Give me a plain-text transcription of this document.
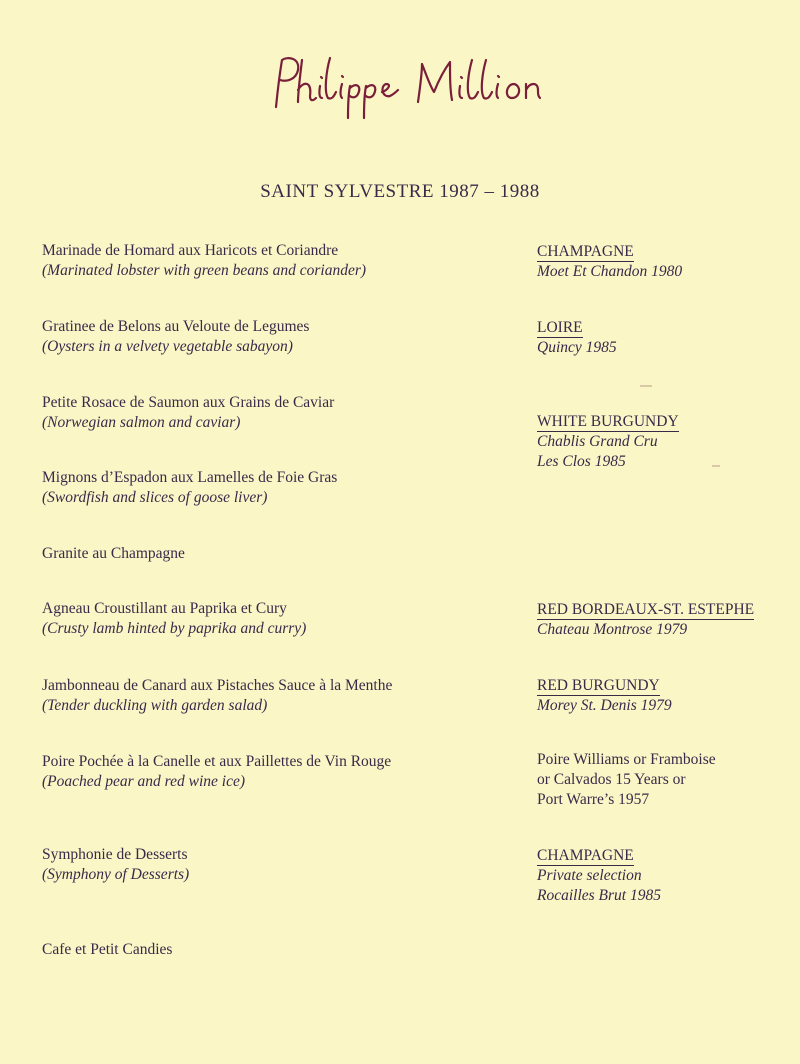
SAINT SYLVESTRE 1987 – 1988
Marinade de Homard aux Haricots et Coriandre
(Marinated lobster with green beans and coriander)
Gratinee de Belons au Veloute de Legumes
(Oysters in a velvety vegetable sabayon)
Petite Rosace de Saumon aux Grains de Caviar
(Norwegian salmon and caviar)
Mignons d’Espadon aux Lamelles de Foie Gras
(Swordfish and slices of goose liver)
Granite au Champagne
Agneau Croustillant au Paprika et Cury
(Crusty lamb hinted by paprika and curry)
Jambonneau de Canard aux Pistaches Sauce à la Menthe
(Tender duckling with garden salad)
Poire Pochée à la Canelle et aux Paillettes de Vin Rouge
(Poached pear and red wine ice)
Symphonie de Desserts
(Symphony of Desserts)
Cafe et Petit Candies
CHAMPAGNE
Moet Et Chandon 1980
LOIRE
Quincy 1985
WHITE BURGUNDY
Chablis Grand Cru
Les Clos 1985
RED BORDEAUX-ST. ESTEPHE
Chateau Montrose 1979
RED BURGUNDY
Morey St. Denis 1979
Poire Williams or Framboise
or Calvados 15 Years or
Port Warre’s 1957
CHAMPAGNE
Private selection
Rocailles Brut 1985
